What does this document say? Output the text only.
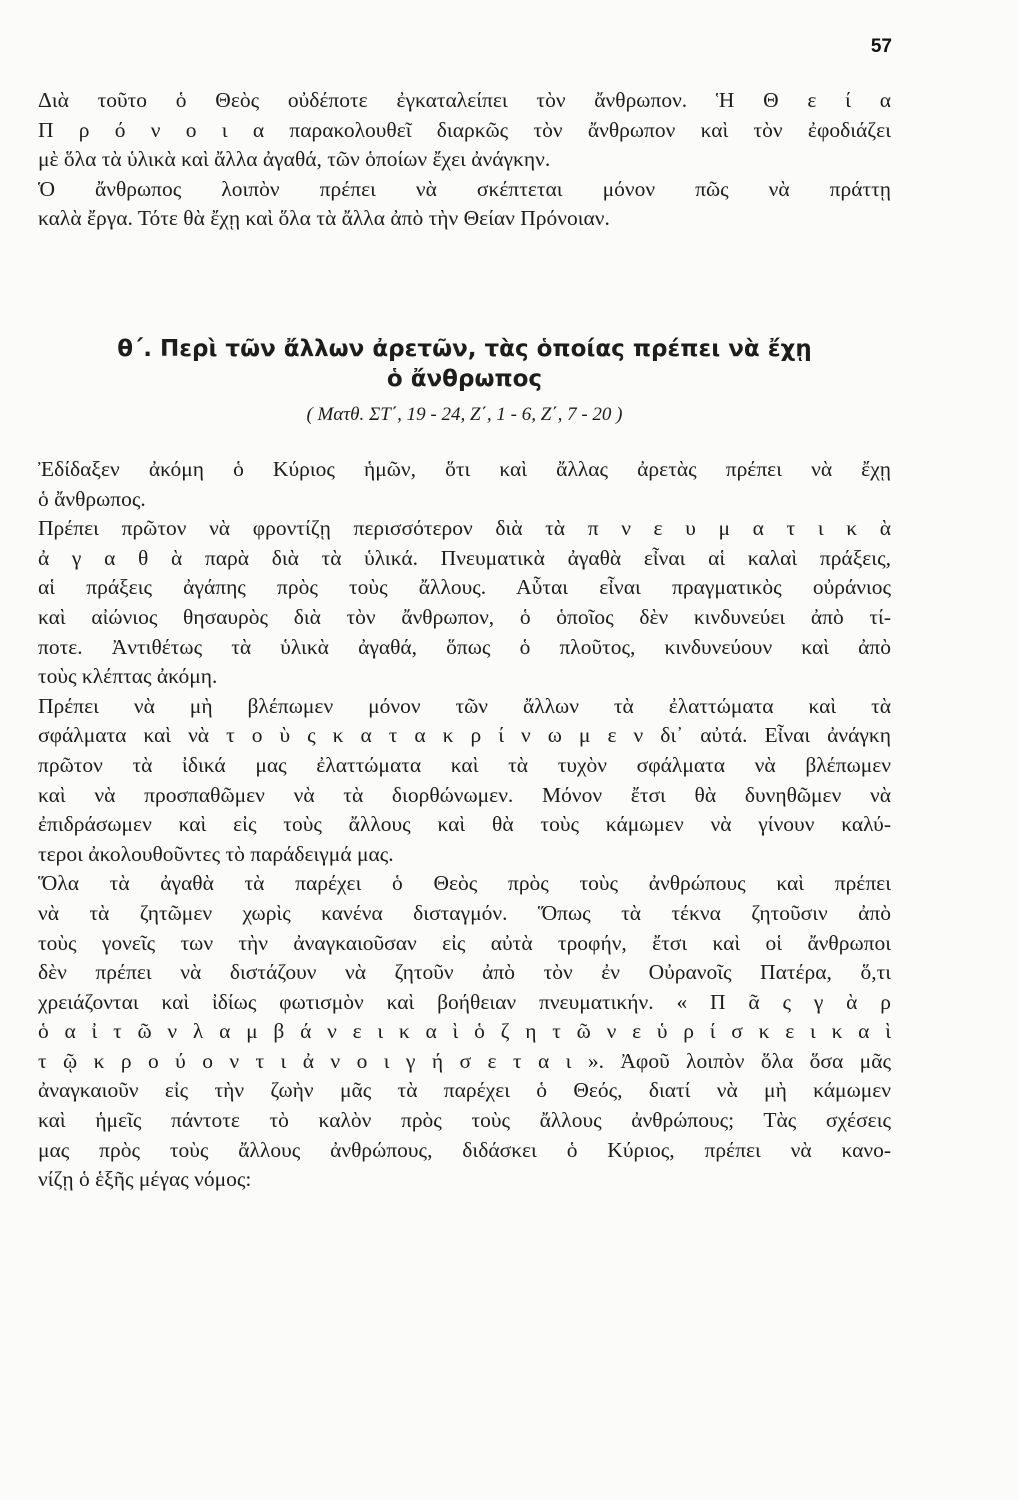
57
Διὰ τοῦτο ὁ Θεὸς οὐδέποτε ἐγκαταλείπει τὸν ἄνθρωπον. Ἡ Θ ε ί α
Π ρ ό ν ο ι α παρακολουθεῖ διαρκῶς τὸν ἄνθρωπον καὶ τὸν ἐφοδιάζει
μὲ ὅλα τὰ ὑλικὰ καὶ ἄλλα ἀγαθά, τῶν ὁποίων ἔχει ἀνάγκην.
Ὁ ἄνθρωπος λοιπὸν πρέπει νὰ σκέπτεται μόνον πῶς νὰ πράττῃ
καλὰ ἔργα. Τότε θὰ ἔχῃ καὶ ὅλα τὰ ἄλλα ἀπὸ τὴν Θείαν Πρόνοιαν.
θ΄. Περὶ τῶν ἄλλων ἀρετῶν, τὰς ὁποίας πρέπει νὰ ἔχῃ
ὁ ἄνθρωπος
( Ματθ. ΣΤ΄, 19 - 24, Ζ΄, 1 - 6, Ζ΄, 7 - 20 )
Ἐδίδαξεν ἀκόμη ὁ Κύριος ἡμῶν, ὅτι καὶ ἄλλας ἀρετὰς πρέπει νὰ ἔχῃ
ὁ ἄνθρωπος.
Πρέπει πρῶτον νὰ φροντίζῃ περισσότερον διὰ τὰ π ν ε υ μ α τ ι κ ὰ
ἀ γ α θ ὰ παρὰ διὰ τὰ ὑλικά. Πνευματικὰ ἀγαθὰ εἶναι αἱ καλαὶ πράξεις,
αἱ πράξεις ἀγάπης πρὸς τοὺς ἄλλους. Αὗται εἶναι πραγματικὸς οὐράνιος
καὶ αἰώνιος θησαυρὸς διὰ τὸν ἄνθρωπον, ὁ ὁποῖος δὲν κινδυνεύει ἀπὸ τί-
ποτε. Ἀντιθέτως τὰ ὑλικὰ ἀγαθά, ὅπως ὁ πλοῦτος, κινδυνεύουν καὶ ἀπὸ
τοὺς κλέπτας ἀκόμη.
Πρέπει νὰ μὴ βλέπωμεν μόνον τῶν ἄλλων τὰ ἐλαττώματα καὶ τὰ
σφάλματα καὶ νὰ τ ο ὺ ς κ α τ α κ ρ ί ν ω μ ε ν δι᾽ αὐτά. Εἶναι ἀνάγκη
πρῶτον τὰ ἰδικά μας ἐλαττώματα καὶ τὰ τυχὸν σφάλματα νὰ βλέπωμεν
καὶ νὰ προσπαθῶμεν νὰ τὰ διορθώνωμεν. Μόνον ἔτσι θὰ δυνηθῶμεν νὰ
ἐπιδράσωμεν καὶ εἰς τοὺς ἄλλους καὶ θὰ τοὺς κάμωμεν νὰ γίνουν καλύ-
τεροι ἀκολουθοῦντες τὸ παράδειγμά μας.
Ὅλα τὰ ἀγαθὰ τὰ παρέχει ὁ Θεὸς πρὸς τοὺς ἀνθρώπους καὶ πρέπει
νὰ τὰ ζητῶμεν χωρὶς κανένα δισταγμόν. Ὅπως τὰ τέκνα ζητοῦσιν ἀπὸ
τοὺς γονεῖς των τὴν ἀναγκαιοῦσαν εἰς αὐτὰ τροφήν, ἔτσι καὶ οἱ ἄνθρωποι
δὲν πρέπει νὰ διστάζουν νὰ ζητοῦν ἀπὸ τὸν ἐν Οὐρανοῖς Πατέρα, ὅ,τι
χρειάζονται καὶ ἰδίως φωτισμὸν καὶ βοήθειαν πνευματικήν. « Π ᾶ ς γ ὰ ρ
ὁ α ἰ τ ῶ ν λ α μ β ά ν ε ι κ α ὶ ὁ ζ η τ ῶ ν ε ὑ ρ ί σ κ ε ι κ α ὶ
τ ῷ κ ρ ο ύ ο ν τ ι ἀ ν ο ι γ ή σ ε τ α ι ». Ἀφοῦ λοιπὸν ὅλα ὅσα μᾶς
ἀναγκαιοῦν εἰς τὴν ζωὴν μᾶς τὰ παρέχει ὁ Θεός, διατί νὰ μὴ κάμωμεν
καὶ ἡμεῖς πάντοτε τὸ καλὸν πρὸς τοὺς ἄλλους ἀνθρώπους; Τὰς σχέσεις
μας πρὸς τοὺς ἄλλους ἀνθρώπους, διδάσκει ὁ Κύριος, πρέπει νὰ κανο-
νίζῃ ὁ ἑξῆς μέγας νόμος:
